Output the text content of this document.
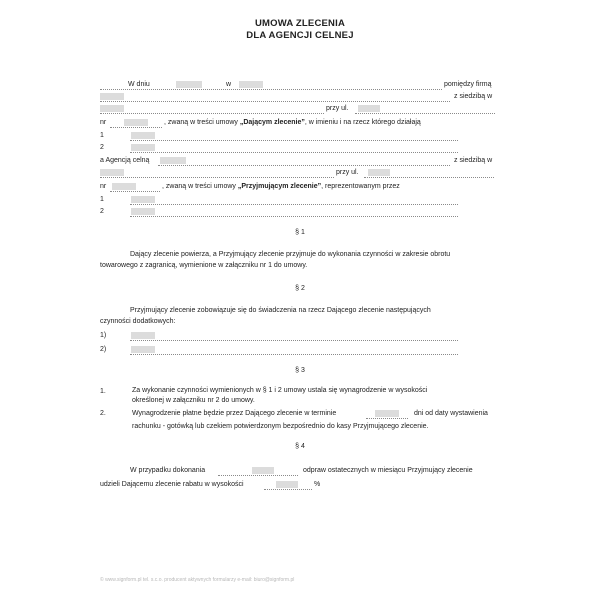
UMOWA ZLECENIA
DLA AGENCJI CELNEJ
W dniu	w	pomiędzy firmą
z siedzibą w
przy ul.
nr	, zwaną w treści umowy „Dającym zlecenie”, w imieniu i na rzecz którego działają
1
2
a Agencją celną	z siedzibą w
przy ul.
nr	, zwaną w treści umowy „Przyjmującym zlecenie”, reprezentowanym przez
1
2
§ 1
Dający zlecenie powierza, a Przyjmujący zlecenie przyjmuje do wykonania czynności w zakresie obrotu
towarowego z zagranicą, wymienione w załączniku nr 1 do umowy.
§ 2
Przyjmujący zlecenie zobowiązuje się do świadczenia na rzecz Dającego zlecenie następujących
czynności dodatkowych:
1)
2)
§ 3
1.	Za wykonanie czynności wymienionych w § 1 i 2 umowy ustala się wynagrodzenie w wysokości
określonej w załączniku nr 2 do umowy.
2.	Wynagrodzenie płatne będzie przez Dającego zlecenie w terminie	dni od daty wystawienia
rachunku - gotówką lub czekiem potwierdzonym bezpośrednio do kasy Przyjmującego zlecenie.
§ 4
W przypadku dokonania	odpraw ostatecznych w miesiącu Przyjmujący zlecenie
udzieli Dającemu zlecenie rabatu w wysokości	%
© www.signform.pl tel. s.c.o. producent aktywnych formularzy e-mail: biuro@signform.pl
